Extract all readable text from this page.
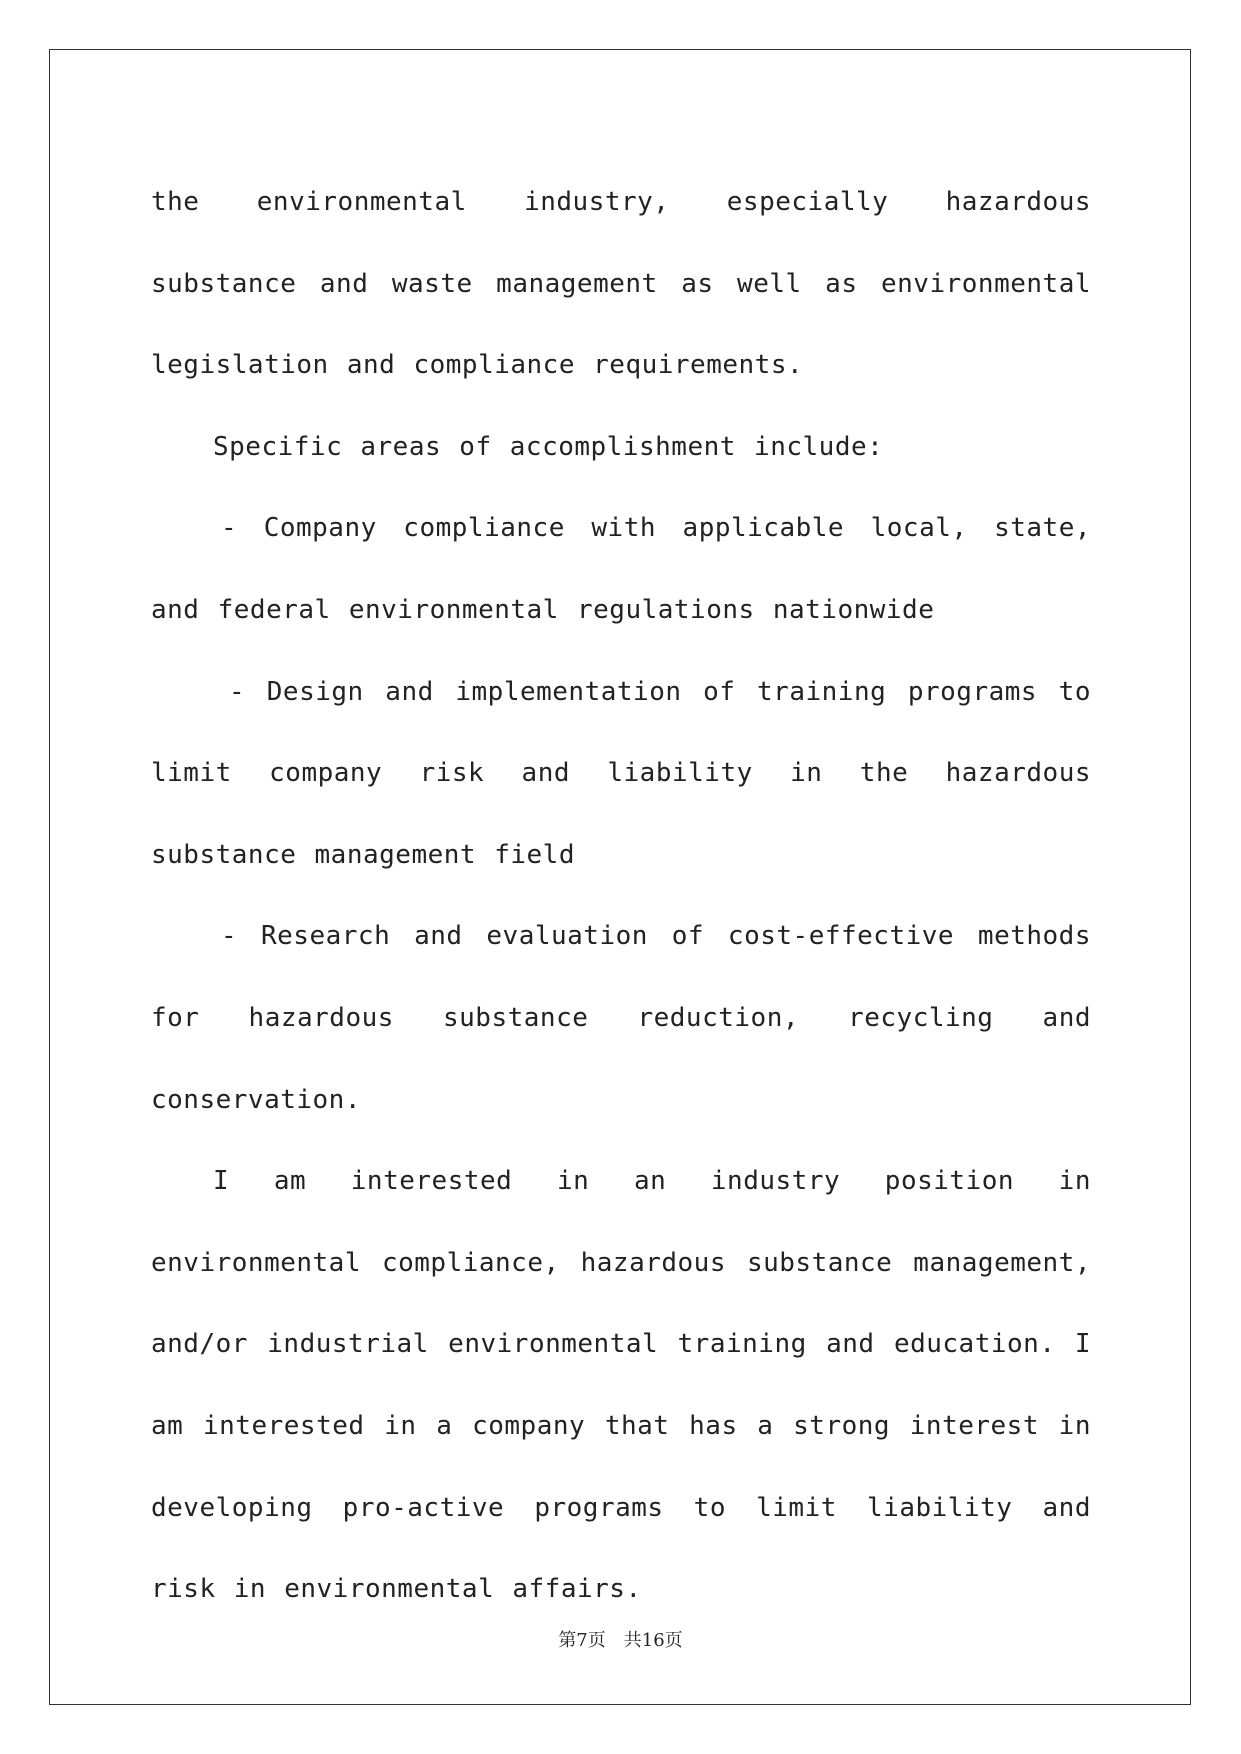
the environmental industry, especially hazardous substance and waste management as well as environmental legislation and compliance requirements.

Specific areas of accomplishment include:

- Company compliance with applicable local, state, and federal environmental regulations nationwide

- Design and implementation of training programs to limit company risk and liability in the hazardous substance management field

- Research and evaluation of cost-effective methods for hazardous substance reduction, recycling and conservation.

I am interested in an industry position in environmental compliance, hazardous substance management, and/or industrial environmental training and education. I am interested in a company that has a strong interest in developing pro-active programs to limit liability and risk in environmental affairs.

第7页　共16页
